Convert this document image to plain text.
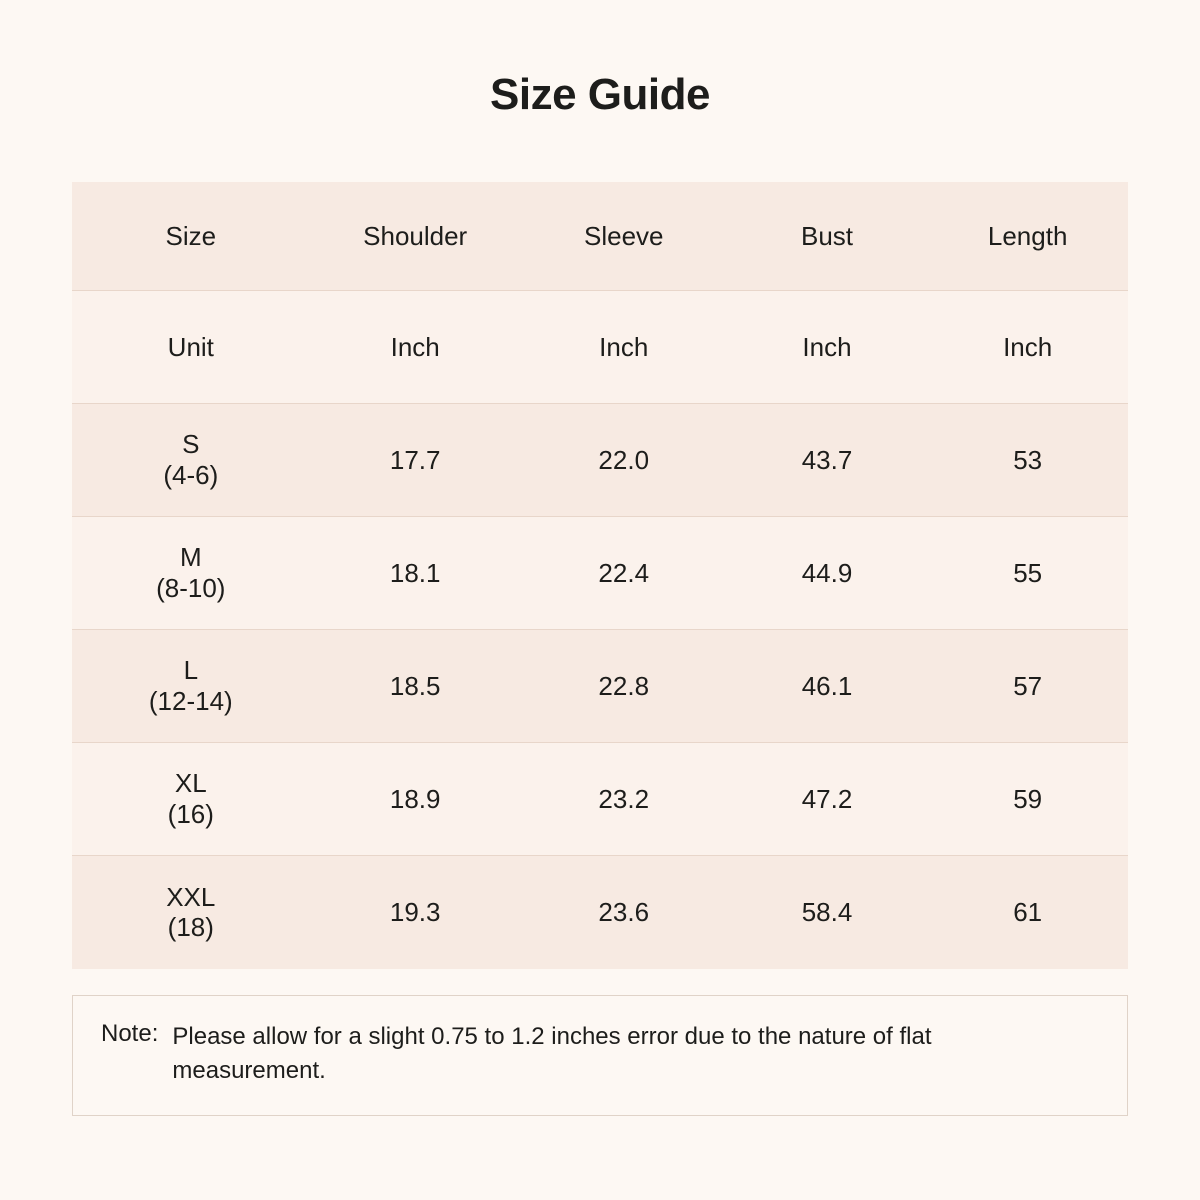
Size Guide
Size	Shoulder	Sleeve	Bust	Length
Unit	Inch	Inch	Inch	Inch

S
(4-6)	17.7	22.0	43.7	53

M
(8-10)	18.1	22.4	44.9	55

L
(12-14)	18.5	22.8	46.1	57

XL
(16)	18.9	23.2	47.2	59

XXL
(18)	19.3	23.6	58.4	61
Note: Please allow for a slight 0.75 to 1.2 inches error due to the nature of flat measurement.
